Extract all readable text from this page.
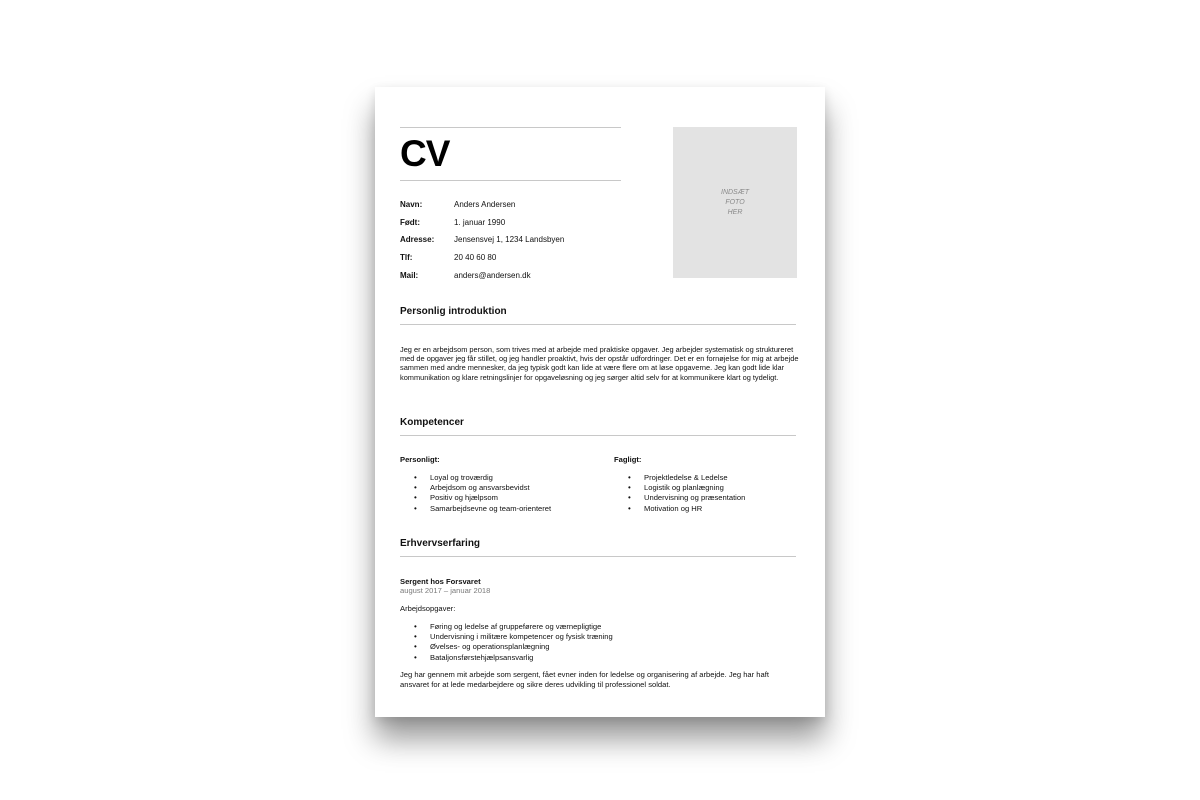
CV
INDSÆT
FOTO
HER
Navn:	Anders Andersen
Født:	1. januar 1990
Adresse: Jensensvej 1, 1234 Landsbyen
Tlf:	20 40 60 80
Mail:	anders@andersen.dk
Personlig introduktion
Jeg er en arbejdsom person, som trives med at arbejde med praktiske opgaver. Jeg arbejder systematisk og struktureret med de opgaver jeg får stillet, og jeg handler proaktivt, hvis der opstår udfordringer. Det er en fornøjelse for mig at arbejde sammen med andre mennesker, da jeg typisk godt kan lide at være flere om at løse opgaverne. Jeg kan godt lide klar kommunikation og klare retningslinjer for opgaveløsning og jeg sørger altid selv for at kommunikere klart og tydeligt.
Kompetencer
Personligt:
• Loyal og troværdig
• Arbejdsom og ansvarsbevidst
• Positiv og hjælpsom
• Samarbejdsevne og team-orienteret
Fagligt:
• Projektledelse & Ledelse
• Logistik og planlægning
• Undervisning og præsentation
• Motivation og HR
Erhvervserfaring
Sergent hos Forsvaret
august 2017 – januar 2018
Arbejdsopgaver:
• Føring og ledelse af gruppeførere og værnepligtige
• Undervisning i militære kompetencer og fysisk træning
• Øvelses- og operationsplanlægning
• Bataljonsførstehjælpsansvarlig
Jeg har gennem mit arbejde som sergent, fået evner inden for ledelse og organisering af arbejde. Jeg har haft ansvaret for at lede medarbejdere og sikre deres udvikling til professionel soldat.
